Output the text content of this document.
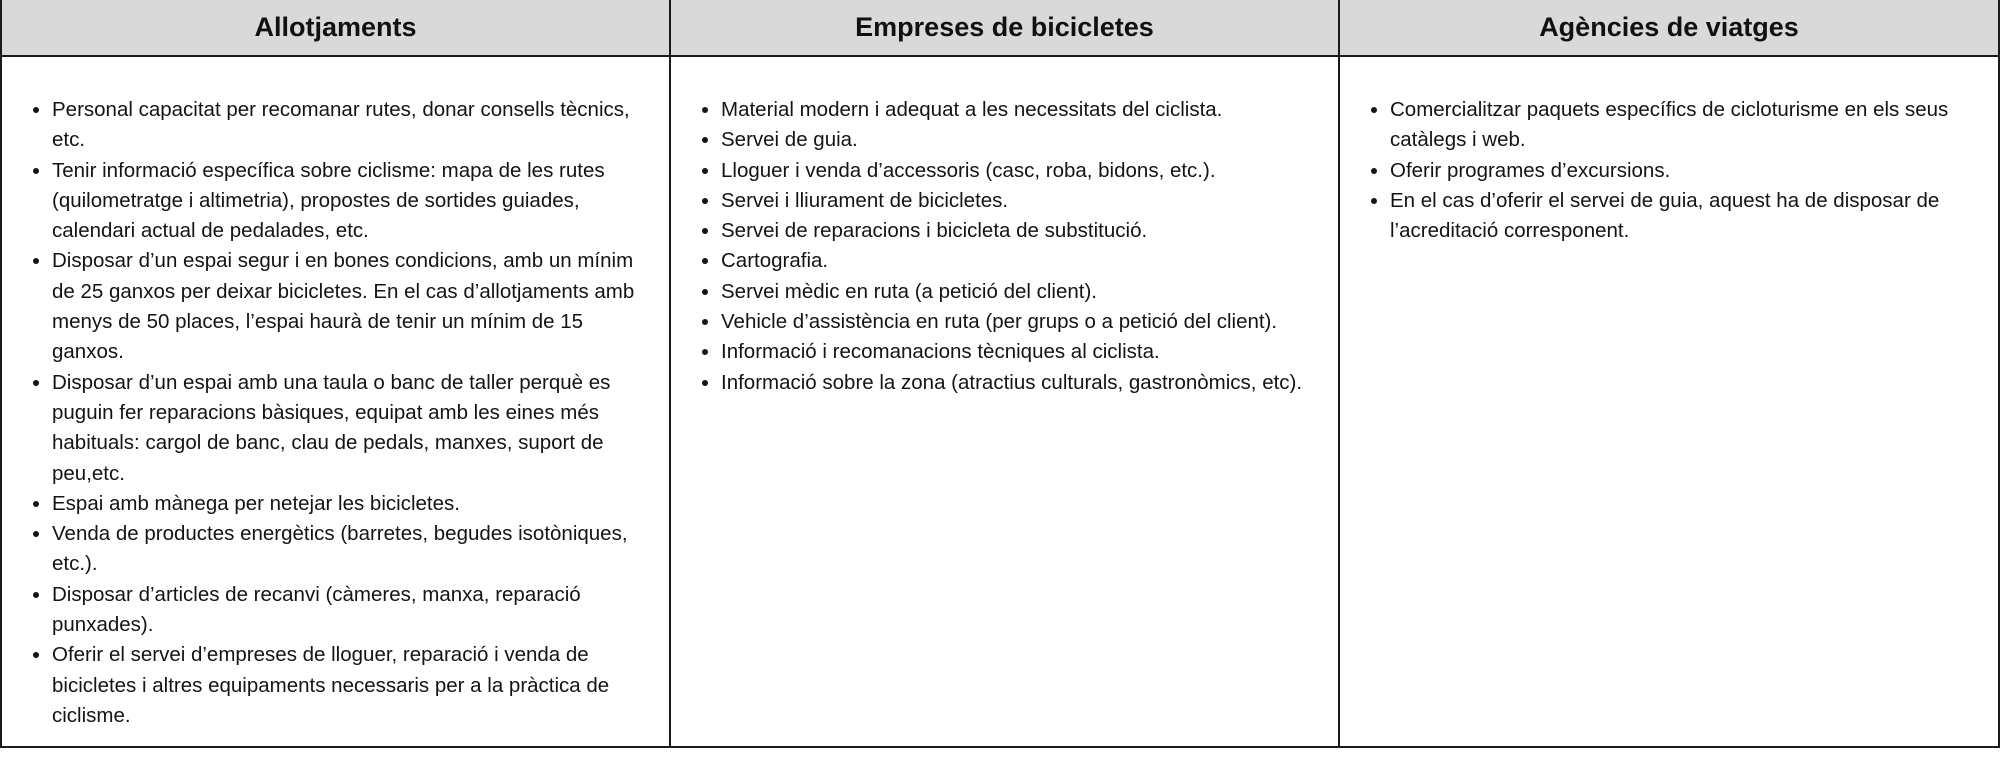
Allotjaments	Empreses de bicicletes	Agències de viatges
• Personal capacitat per recomanar rutes, donar consells tècnics, etc.
• Tenir informació específica sobre ciclisme: mapa de les rutes (quilometratge i altimetria), propostes de sortides guiades, calendari actual de pedalades, etc.
• Disposar d’un espai segur i en bones condicions, amb un mínim de 25 ganxos per deixar bicicletes. En el cas d’allotjaments amb menys de 50 places, l’espai haurà de tenir un mínim de 15 ganxos.
• Disposar d’un espai amb una taula o banc de taller perquè es puguin fer reparacions bàsiques, equipat amb les eines més habituals: cargol de banc, clau de pedals, manxes, suport de peu,etc.
• Espai amb mànega per netejar les bicicletes.
• Venda de productes energètics (barretes, begudes isotòniques, etc.).
• Disposar d’articles de recanvi (càmeres, manxa, reparació punxades).
• Oferir el servei d’empreses de lloguer, reparació i venda de bicicletes i altres equipaments necessaris per a la pràctica de ciclisme.
• Material modern i adequat a les necessitats del ciclista.
• Servei de guia.
• Lloguer i venda d’accessoris (casc, roba, bidons, etc.).
• Servei i lliurament de bicicletes.
• Servei de reparacions i bicicleta de substitució.
• Cartografia.
• Servei mèdic en ruta (a petició del client).
• Vehicle d’assistència en ruta (per grups o a petició del client).
• Informació i recomanacions tècniques al ciclista.
• Informació sobre la zona (atractius culturals, gastronòmics, etc).
• Comercialitzar paquets específics de cicloturisme en els seus
catàlegs i web.
• Oferir programes d’excursions.
• En el cas d’oferir el servei de guia, aquest ha de disposar de l’acreditació corresponent.
